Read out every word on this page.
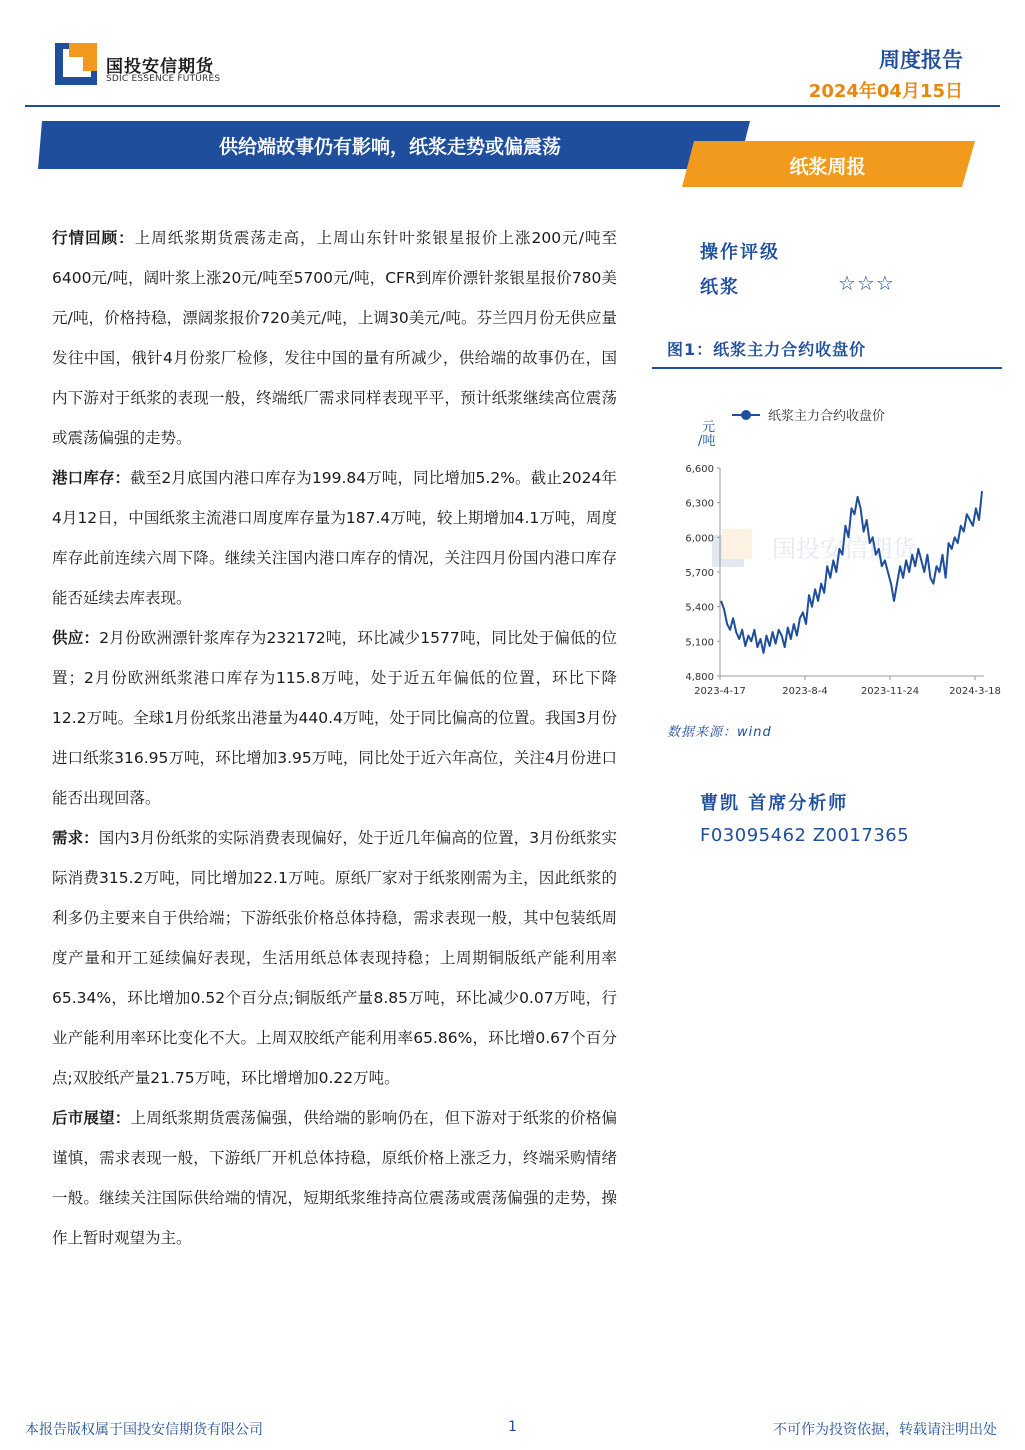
国投安信期货
SDIC ESSENCE FUTURES
周度报告
2024年04月15日
供给端故事仍有影响，纸浆走势或偏震荡
纸浆周报

行情回顾：上周纸浆期货震荡走高，上周山东针叶浆银星报价上涨200元/吨至6400元/吨，阔叶浆上涨20元/吨至5700元/吨，CFR到库价漂针浆银星报价780美元/吨，价格持稳，漂阔浆报价720美元/吨，上调30美元/吨。芬兰四月份无供应量发往中国，俄针4月份浆厂检修，发往中国的量有所减少，供给端的故事仍在，国内下游对于纸浆的表现一般，终端纸厂需求同样表现平平，预计纸浆继续高位震荡或震荡偏强的走势。

港口库存：截至2月底国内港口库存为199.84万吨，同比增加5.2%。截止2024年4月12日，中国纸浆主流港口周度库存量为187.4万吨，较上期增加4.1万吨，周度库存此前连续六周下降。继续关注国内港口库存的情况，关注四月份国内港口库存能否延续去库表现。

供应：2月份欧洲漂针浆库存为232172吨，环比减少1577吨，同比处于偏低的位置；2月份欧洲纸浆港口库存为115.8万吨，处于近五年偏低的位置，环比下降12.2万吨。全球1月份纸浆出港量为440.4万吨，处于同比偏高的位置。我国3月份进口纸浆316.95万吨，环比增加3.95万吨，同比处于近六年高位，关注4月份进口能否出现回落。

需求：国内3月份纸浆的实际消费表现偏好，处于近几年偏高的位置，3月份纸浆实际消费315.2万吨，同比增加22.1万吨。原纸厂家对于纸浆刚需为主，因此纸浆的利多仍主要来自于供给端；下游纸张价格总体持稳，需求表现一般，其中包装纸周度产量和开工延续偏好表现，生活用纸总体表现持稳；上周期铜版纸产能利用率65.34%，环比增加0.52个百分点;铜版纸产量8.85万吨，环比减少0.07万吨，行业产能利用率环比变化不大。上周双胶纸产能利用率65.86%，环比增0.67个百分点;双胶纸产量21.75万吨，环比增增加0.22万吨。

后市展望：上周纸浆期货震荡偏强，供给端的影响仍在，但下游对于纸浆的价格偏谨慎，需求表现一般，下游纸厂开机总体持稳，原纸价格上涨乏力，终端采购情绪一般。继续关注国际供给端的情况，短期纸浆维持高位震荡或震荡偏强的走势，操作上暂时观望为主。

操作评级
纸浆	☆☆☆
图1：纸浆主力合约收盘价
国投安信期货
纸浆主力合约收盘价
元
/吨
4,800
5,100
5,400
5,700
6,000
6,300
6,600
2023-4-17	2023-8-4	2023-11-24	2024-3-18
数据来源：wind
曹凯 首席分析师
F03095462 Z0017365
本报告版权属于国投安信期货有限公司	1	不可作为投资依据，转载请注明出处
